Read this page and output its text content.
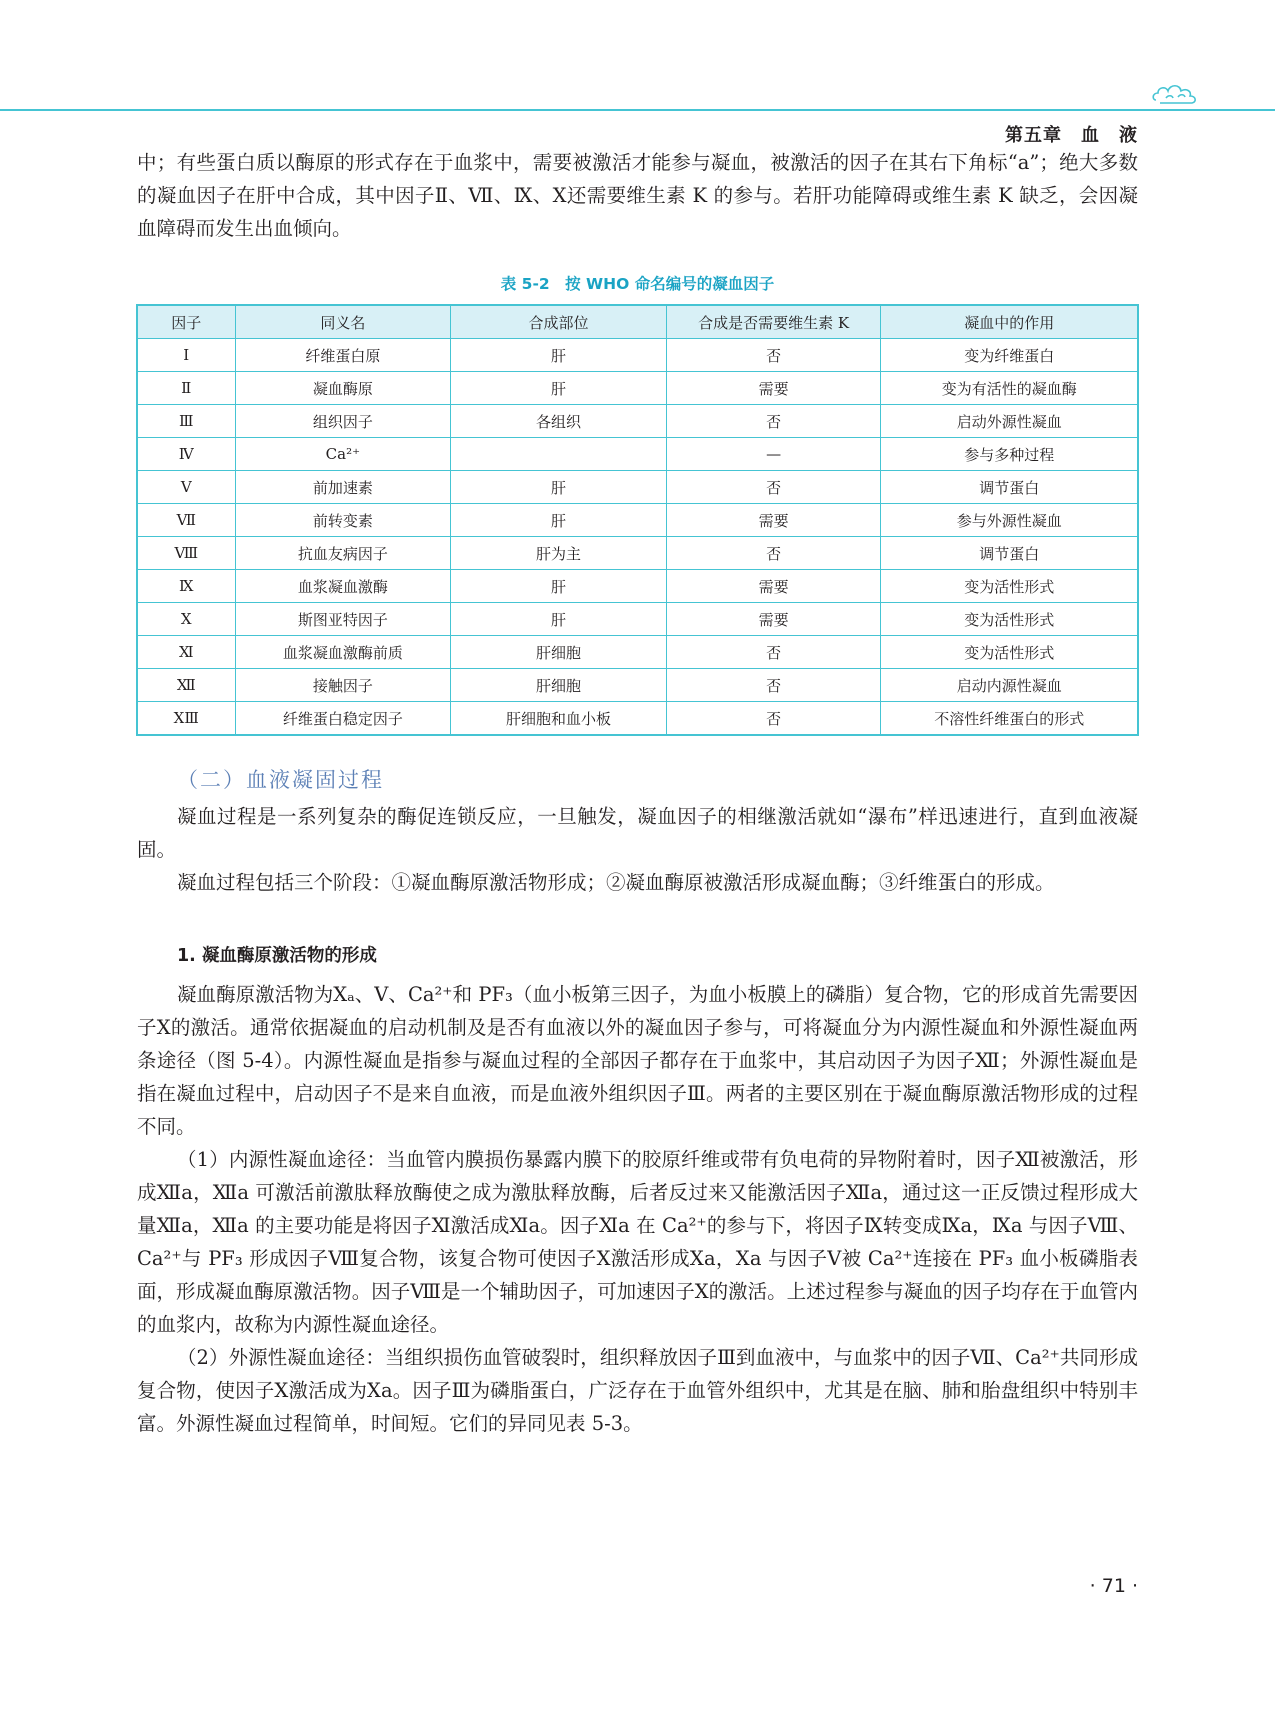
第五章　血　液

中；有些蛋白质以酶原的形式存在于血浆中，需要被激活才能参与凝血，被激活的因子在其右下角标“a”；绝大多数的凝血因子在肝中合成，其中因子Ⅱ、Ⅶ、Ⅸ、Ⅹ还需要维生素 K 的参与。若肝功能障碍或维生素 K 缺乏，会因凝血障碍而发生出血倾向。

表 5-2　按 WHO 命名编号的凝血因子
因子	同义名	合成部位	合成是否需要维生素 K	凝血中的作用
Ⅰ	纤维蛋白原	肝	否	变为纤维蛋白
Ⅱ	凝血酶原	肝	需要	变为有活性的凝血酶
Ⅲ	组织因子	各组织	否	启动外源性凝血
Ⅳ	Ca²⁺		—	参与多种过程
Ⅴ	前加速素	肝	否	调节蛋白
Ⅶ	前转变素	肝	需要	参与外源性凝血
Ⅷ	抗血友病因子	肝为主	否	调节蛋白
Ⅸ	血浆凝血激酶	肝	需要	变为活性形式
Ⅹ	斯图亚特因子	肝	需要	变为活性形式
Ⅺ	血浆凝血激酶前质	肝细胞	否	变为活性形式
Ⅻ	接触因子	肝细胞	否	启动内源性凝血
ⅩⅢ	纤维蛋白稳定因子	肝细胞和血小板	否	不溶性纤维蛋白的形式
（二）血液凝固过程

凝血过程是一系列复杂的酶促连锁反应，一旦触发，凝血因子的相继激活就如“瀑布”样迅速进行，直到血液凝固。

凝血过程包括三个阶段：①凝血酶原激活物形成；②凝血酶原被激活形成凝血酶；③纤维蛋白的形成。

1. 凝血酶原激活物的形成

凝血酶原激活物为Ⅹₐ、Ⅴ、Ca²⁺和 PF₃（血小板第三因子，为血小板膜上的磷脂）复合物，它的形成首先需要因子Ⅹ的激活。通常依据凝血的启动机制及是否有血液以外的凝血因子参与，可将凝血分为内源性凝血和外源性凝血两条途径（图 5-4）。内源性凝血是指参与凝血过程的全部因子都存在于血浆中，其启动因子为因子Ⅻ；外源性凝血是指在凝血过程中，启动因子不是来自血液，而是血液外组织因子Ⅲ。两者的主要区别在于凝血酶原激活物形成的过程不同。

（1）内源性凝血途径：当血管内膜损伤暴露内膜下的胶原纤维或带有负电荷的异物附着时，因子Ⅻ被激活，形成Ⅻa，Ⅻa 可激活前激肽释放酶使之成为激肽释放酶，后者反过来又能激活因子Ⅻa，通过这一正反馈过程形成大量Ⅻa，Ⅻa 的主要功能是将因子Ⅺ激活成Ⅺa。因子Ⅺa 在 Ca²⁺的参与下，将因子Ⅸ转变成Ⅸa，Ⅸa 与因子Ⅷ、Ca²⁺与 PF₃ 形成因子Ⅷ复合物，该复合物可使因子Ⅹ激活形成Ⅹa，Ⅹa 与因子Ⅴ被 Ca²⁺连接在 PF₃ 血小板磷脂表面，形成凝血酶原激活物。因子Ⅷ是一个辅助因子，可加速因子Ⅹ的激活。上述过程参与凝血的因子均存在于血管内的血浆内，故称为内源性凝血途径。

（2）外源性凝血途径：当组织损伤血管破裂时，组织释放因子Ⅲ到血液中，与血浆中的因子Ⅶ、Ca²⁺共同形成复合物，使因子Ⅹ激活成为Ⅹa。因子Ⅲ为磷脂蛋白，广泛存在于血管外组织中，尤其是在脑、肺和胎盘组织中特别丰富。外源性凝血过程简单，时间短。它们的异同见表 5-3。

· 71 ·
